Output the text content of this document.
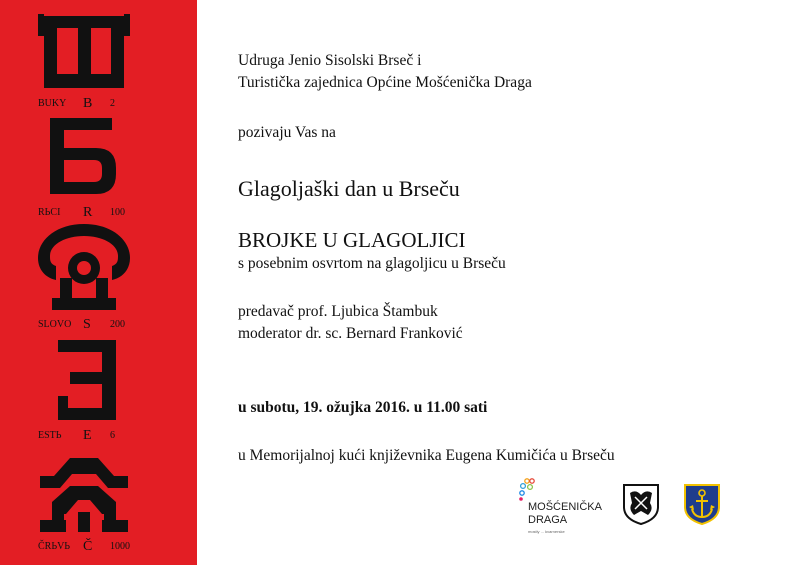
BUKY B 2
RЬCI R 100
SLOVO S 200
ESTЬ E 6
ČRЬVЬ Č 1000
Udruga Jenio Sisolski Brseč i
Turistička zajednica Općine Mošćenička Draga
pozivaju Vas na
Glagoljaški dan u Brseču
BROJKE U GLAGOLJICI
s posebnim osvrtom na glagoljicu u Brseču
predavač prof. Ljubica Štambuk
moderator dr. sc. Bernard Franković
u subotu, 19. ožujka 2016. u 11.00 sati
u Memorijalnoj kući književnika Eugena Kumičića u Brseču
MOŠĆENIČKA
DRAGA
mostly ... kvarnerske
